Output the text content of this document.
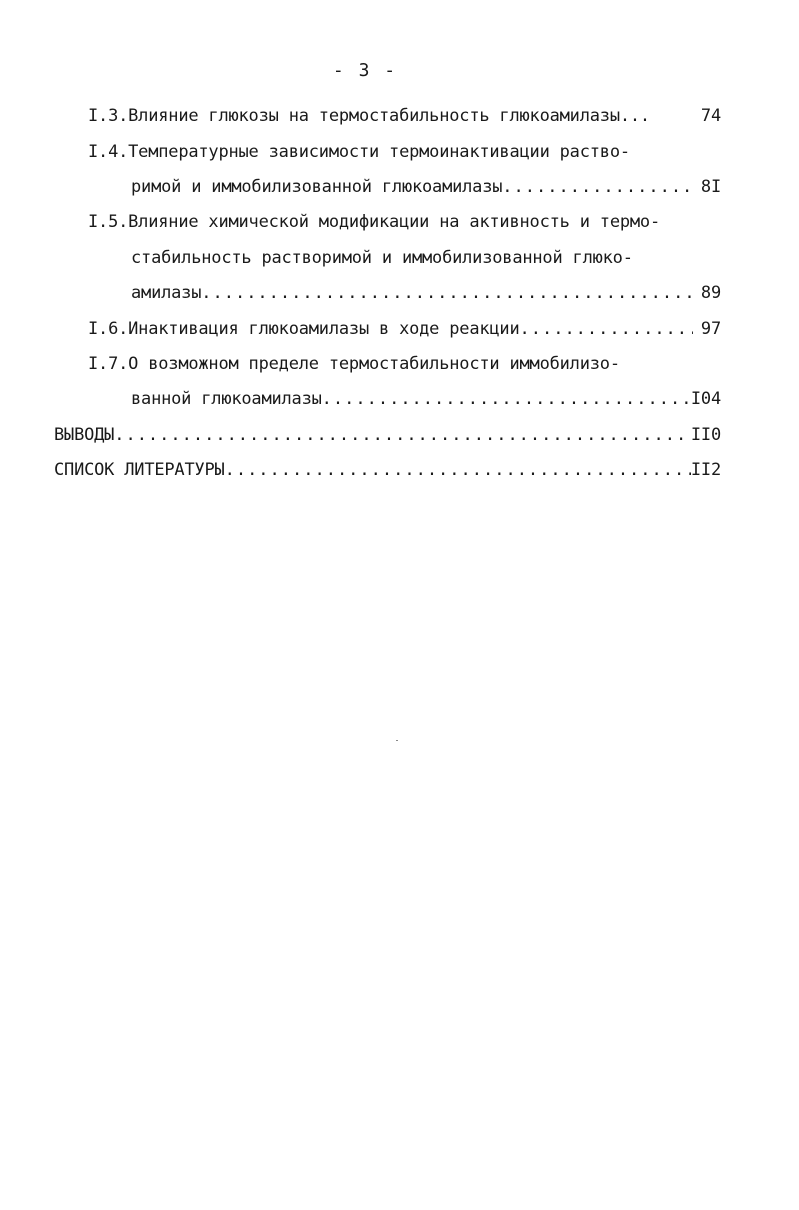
- 3 -
I.3.Влияние глюкозы на термостабильность глюкоамилазы...	74
I.4.Температурные зависимости термоинактивации раство-
римой и иммобилизованной глюкоамилазы .....	8I
I.5.Влияние химической модификации на активность и термо-
стабильность растворимой и иммобилизованной глюко-
амилазы .....	89
I.6.Инактивация глюкоамилазы в ходе реакции .....	97
I.7.О возможном пределе термостабильности иммобилизо-
ванной глюкоамилазы .....	I04
ВЫВОДЫ .....	II0
СПИСОК ЛИТЕРАТУРЫ .....	II2
